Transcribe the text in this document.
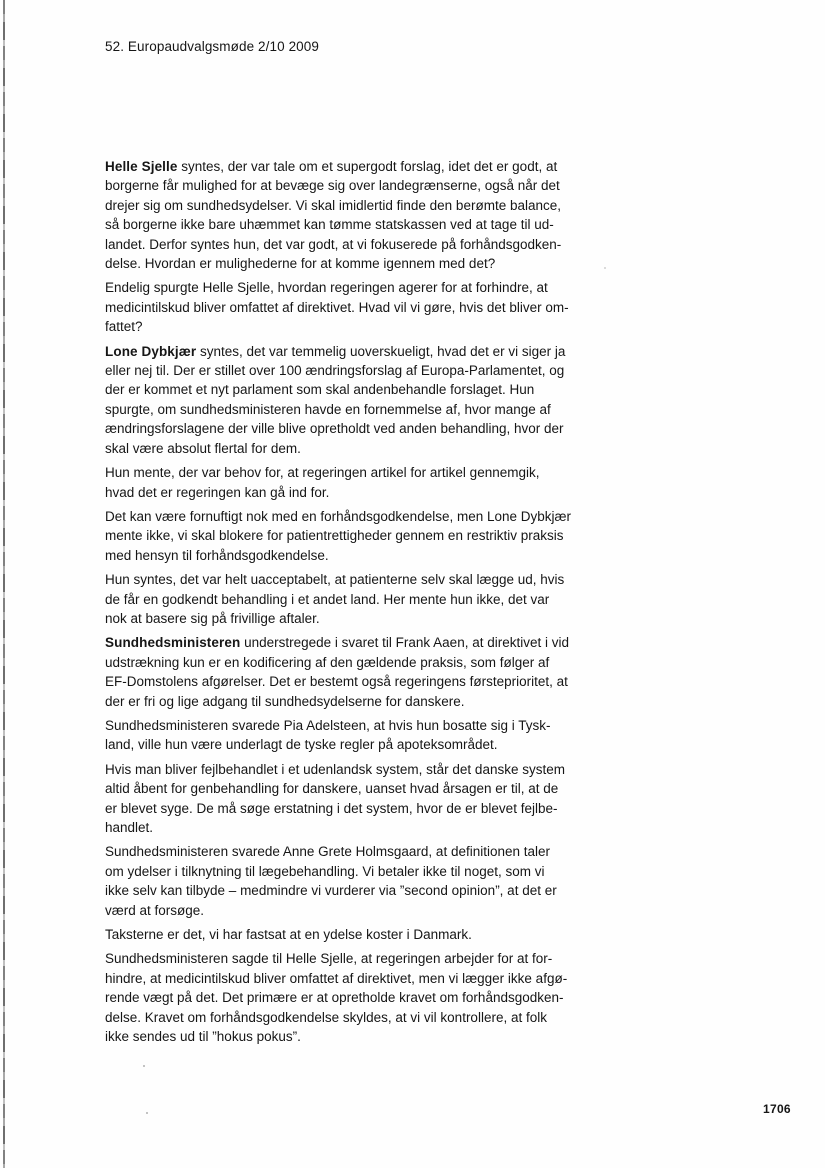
52. Europaudvalgsmøde 2/10 2009
Helle Sjelle syntes, der var tale om et supergodt forslag, idet det er godt, at
borgerne får mulighed for at bevæge sig over landegrænserne, også når det
drejer sig om sundhedsydelser. Vi skal imidlertid finde den berømte balance,
så borgerne ikke bare uhæmmet kan tømme statskassen ved at tage til ud-
landet. Derfor syntes hun, det var godt, at vi fokuserede på forhåndsgodken-
delse. Hvordan er mulighederne for at komme igennem med det?
Endelig spurgte Helle Sjelle, hvordan regeringen agerer for at forhindre, at
medicintilskud bliver omfattet af direktivet. Hvad vil vi gøre, hvis det bliver om-
fattet?
Lone Dybkjær syntes, det var temmelig uoverskueligt, hvad det er vi siger ja
eller nej til. Der er stillet over 100 ændringsforslag af Europa-Parlamentet, og
der er kommet et nyt parlament som skal andenbehandle forslaget. Hun
spurgte, om sundhedsministeren havde en fornemmelse af, hvor mange af
ændringsforslagene der ville blive opretholdt ved anden behandling, hvor der
skal være absolut flertal for dem.
Hun mente, der var behov for, at regeringen artikel for artikel gennemgik,
hvad det er regeringen kan gå ind for.
Det kan være fornuftigt nok med en forhåndsgodkendelse, men Lone Dybkjær
mente ikke, vi skal blokere for patientrettigheder gennem en restriktiv praksis
med hensyn til forhåndsgodkendelse.
Hun syntes, det var helt uacceptabelt, at patienterne selv skal lægge ud, hvis
de får en godkendt behandling i et andet land. Her mente hun ikke, det var
nok at basere sig på frivillige aftaler.
Sundhedsministeren understregede i svaret til Frank Aaen, at direktivet i vid
udstrækning kun er en kodificering af den gældende praksis, som følger af
EF-Domstolens afgørelser. Det er bestemt også regeringens førsteprioritet, at
der er fri og lige adgang til sundhedsydelserne for danskere.
Sundhedsministeren svarede Pia Adelsteen, at hvis hun bosatte sig i Tysk-
land, ville hun være underlagt de tyske regler på apoteksområdet.
Hvis man bliver fejlbehandlet i et udenlandsk system, står det danske system
altid åbent for genbehandling for danskere, uanset hvad årsagen er til, at de
er blevet syge. De må søge erstatning i det system, hvor de er blevet fejlbe-
handlet.
Sundhedsministeren svarede Anne Grete Holmsgaard, at definitionen taler
om ydelser i tilknytning til lægebehandling. Vi betaler ikke til noget, som vi
ikke selv kan tilbyde – medmindre vi vurderer via ”second opinion”, at det er
værd at forsøge.
Taksterne er det, vi har fastsat at en ydelse koster i Danmark.
Sundhedsministeren sagde til Helle Sjelle, at regeringen arbejder for at for-
hindre, at medicintilskud bliver omfattet af direktivet, men vi lægger ikke afgø-
rende vægt på det. Det primære er at opretholde kravet om forhåndsgodken-
delse. Kravet om forhåndsgodkendelse skyldes, at vi vil kontrollere, at folk
ikke sendes ud til ”hokus pokus”.
1706
